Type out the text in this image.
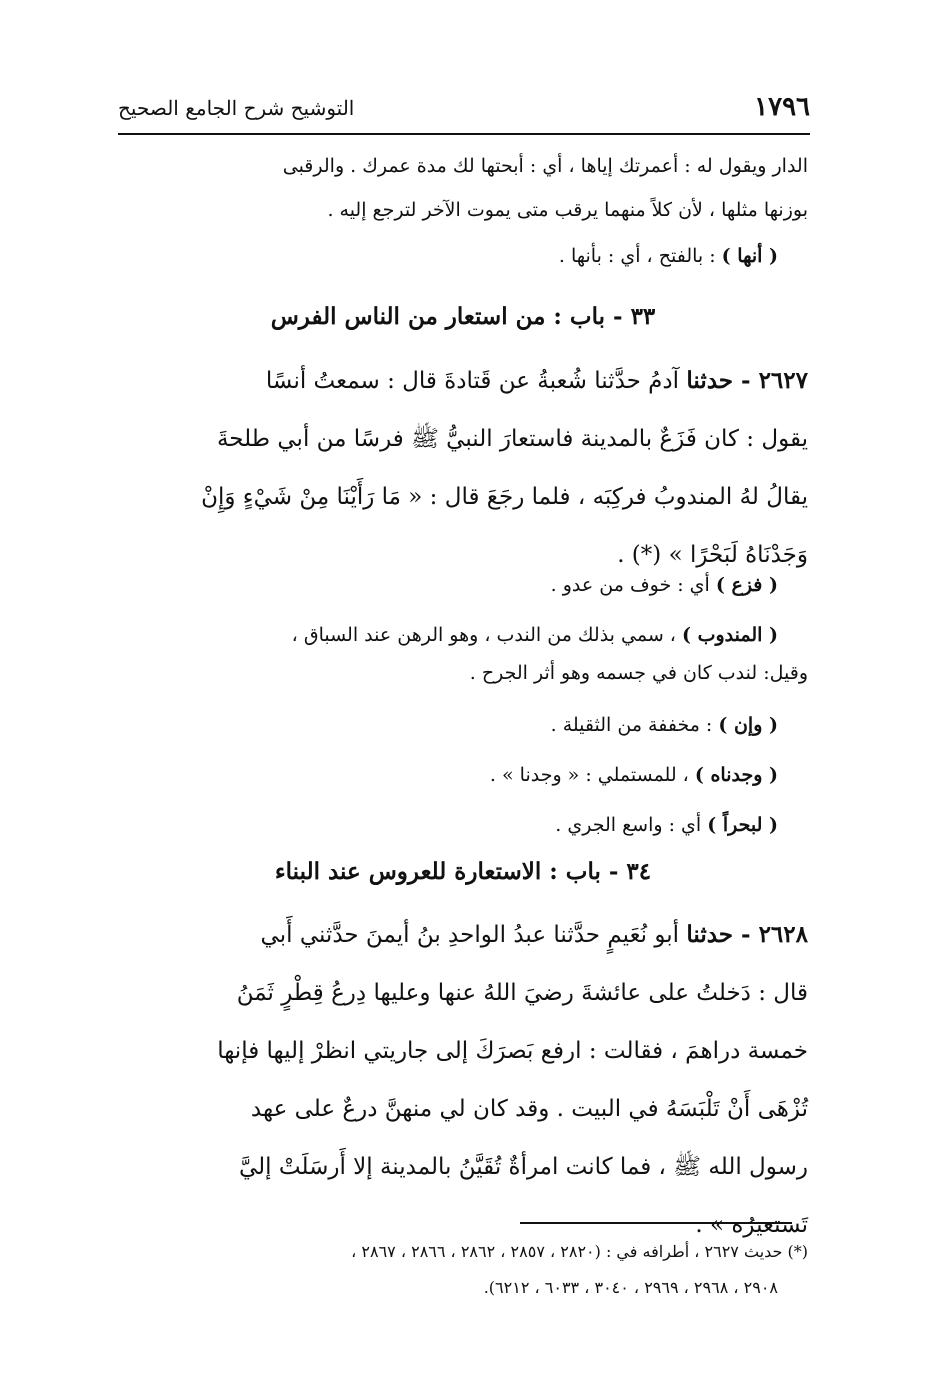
١٧٩٦
التوشيح شرح الجامع الصحيح
الدار ويقول له : أعمرتك إياها ، أي : أبحتها لك مدة عمرك . والرقبى
بوزنها مثلها ، لأن كلاً منهما يرقب متى يموت الآخر لترجع إليه .
( أنها ) : بالفتح ، أي : بأنها .
٣٣ - باب : من استعار من الناس الفرس
٢٦٢٧ - حدثنا آدمُ حدَّثنا شُعبةُ عن قَتادةَ قال : سمعتُ أنسًا
يقول : كان فَزَعٌ بالمدينة فاستعارَ النبيُّ ﷺ فرسًا من أبي طلحةَ
يقالُ لهُ المندوبُ فركِبَه ، فلما رجَعَ قال : « مَا رَأَيْنَا مِنْ شَيْءٍ وَإِنْ
وَجَدْنَاهُ لَبَحْرًا » (*) .
( فزع ) أي : خوف من عدو .
( المندوب ) ، سمي بذلك من الندب ، وهو الرهن عند السباق ،
وقيل: لندب كان في جسمه وهو أثر الجرح .
( وإن ) : مخففة من الثقيلة .
( وجدناه ) ، للمستملي : « وجدنا » .
( لبحراً ) أي : واسع الجري .
٣٤ - باب : الاستعارة للعروس عند البناء
٢٦٢٨ - حدثنا أبو نُعَيمٍ حدَّثنا عبدُ الواحدِ بنُ أيمنَ حدَّثني أَبي
قال : دَخلتُ على عائشةَ رضيَ اللهُ عنها وعليها دِرعُ قِطْرٍ ثَمَنُ
خمسة دراهمَ ، فقالت : ارفع بَصرَكَ إلى جاريتي انظرْ إليها فإنها
تُزْهَى أَنْ تَلْبَسَهُ في البيت . وقد كان لي منهنَّ درعٌ على عهد
رسول الله ﷺ ، فما كانت امرأةٌ تُقَيَّنُ بالمدينة إلا أَرسَلَتْ إليَّ
تَستعيرُه » .
(*) حديث ٢٦٢٧ ، أطرافه في : (٢٨٢٠ ، ٢٨٥٧ ، ٢٨٦٢ ، ٢٨٦٦ ، ٢٨٦٧ ،
٢٩٠٨ ، ٢٩٦٨ ، ٢٩٦٩ ، ٣٠٤٠ ، ٦٠٣٣ ، ٦٢١٢).
